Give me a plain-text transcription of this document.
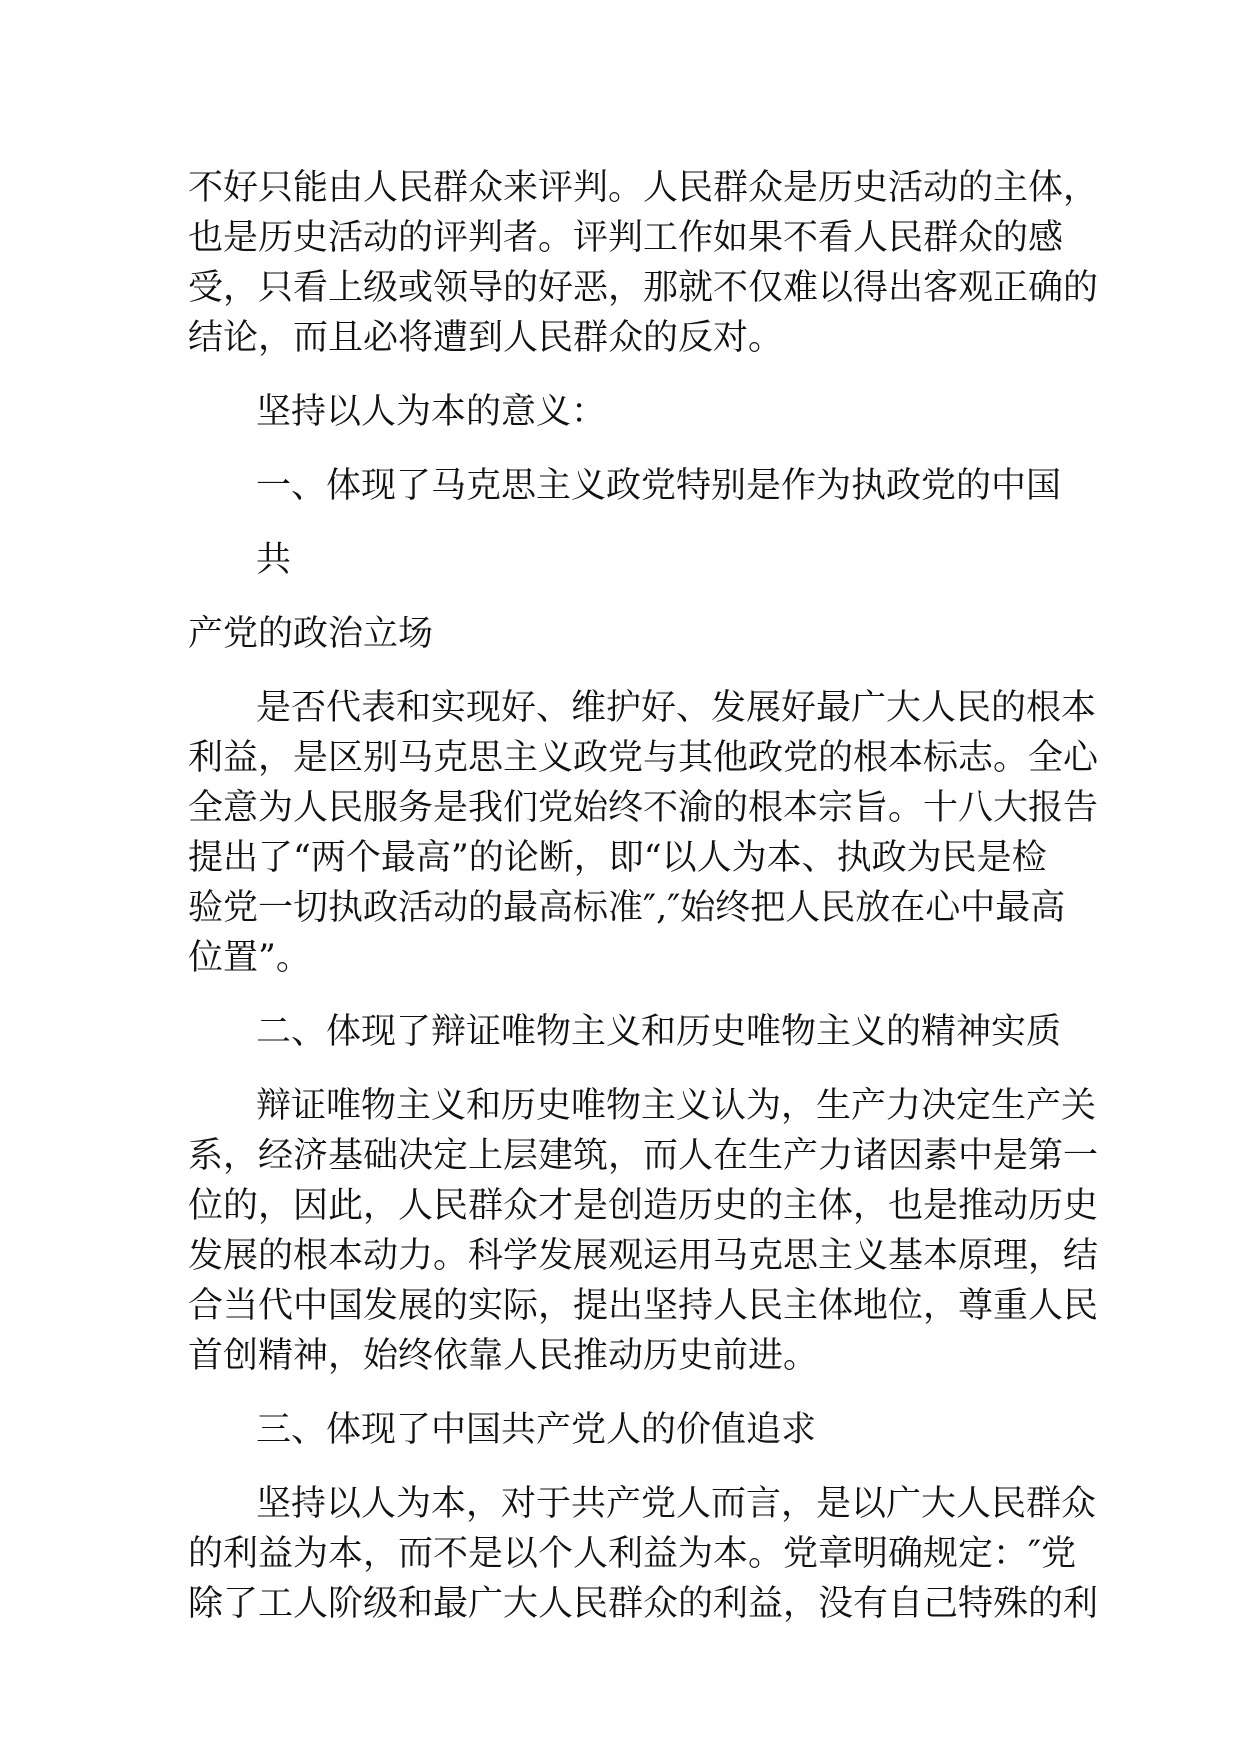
不好只能由人民群众来评判。人民群众是历史活动的主体，
也是历史活动的评判者。评判工作如果不看人民群众的感
受，只看上级或领导的好恶，那就不仅难以得出客观正确的
结论，而且必将遭到人民群众的反对。
坚持以人为本的意义：
一、体现了马克思主义政党特别是作为执政党的中国
共
产党的政治立场
是否代表和实现好、维护好、发展好最广大人民的根本
利益，是区别马克思主义政党与其他政党的根本标志。全心
全意为人民服务是我们党始终不渝的根本宗旨。十八大报告
提出了“两个最高”的论断，即“以人为本、执政为民是检
验党一切执政活动的最高标准″,″始终把人民放在心中最高
位置”。
二、体现了辩证唯物主义和历史唯物主义的精神实质
辩证唯物主义和历史唯物主义认为，生产力决定生产关
系，经济基础决定上层建筑，而人在生产力诸因素中是第一
位的，因此，人民群众才是创造历史的主体，也是推动历史
发展的根本动力。科学发展观运用马克思主义基本原理，结
合当代中国发展的实际，提出坚持人民主体地位，尊重人民
首创精神，始终依靠人民推动历史前进。
三、体现了中国共产党人的价值追求
坚持以人为本，对于共产党人而言，是以广大人民群众
的利益为本，而不是以个人利益为本。党章明确规定：″党
除了工人阶级和最广大人民群众的利益，没有自己特殊的利
